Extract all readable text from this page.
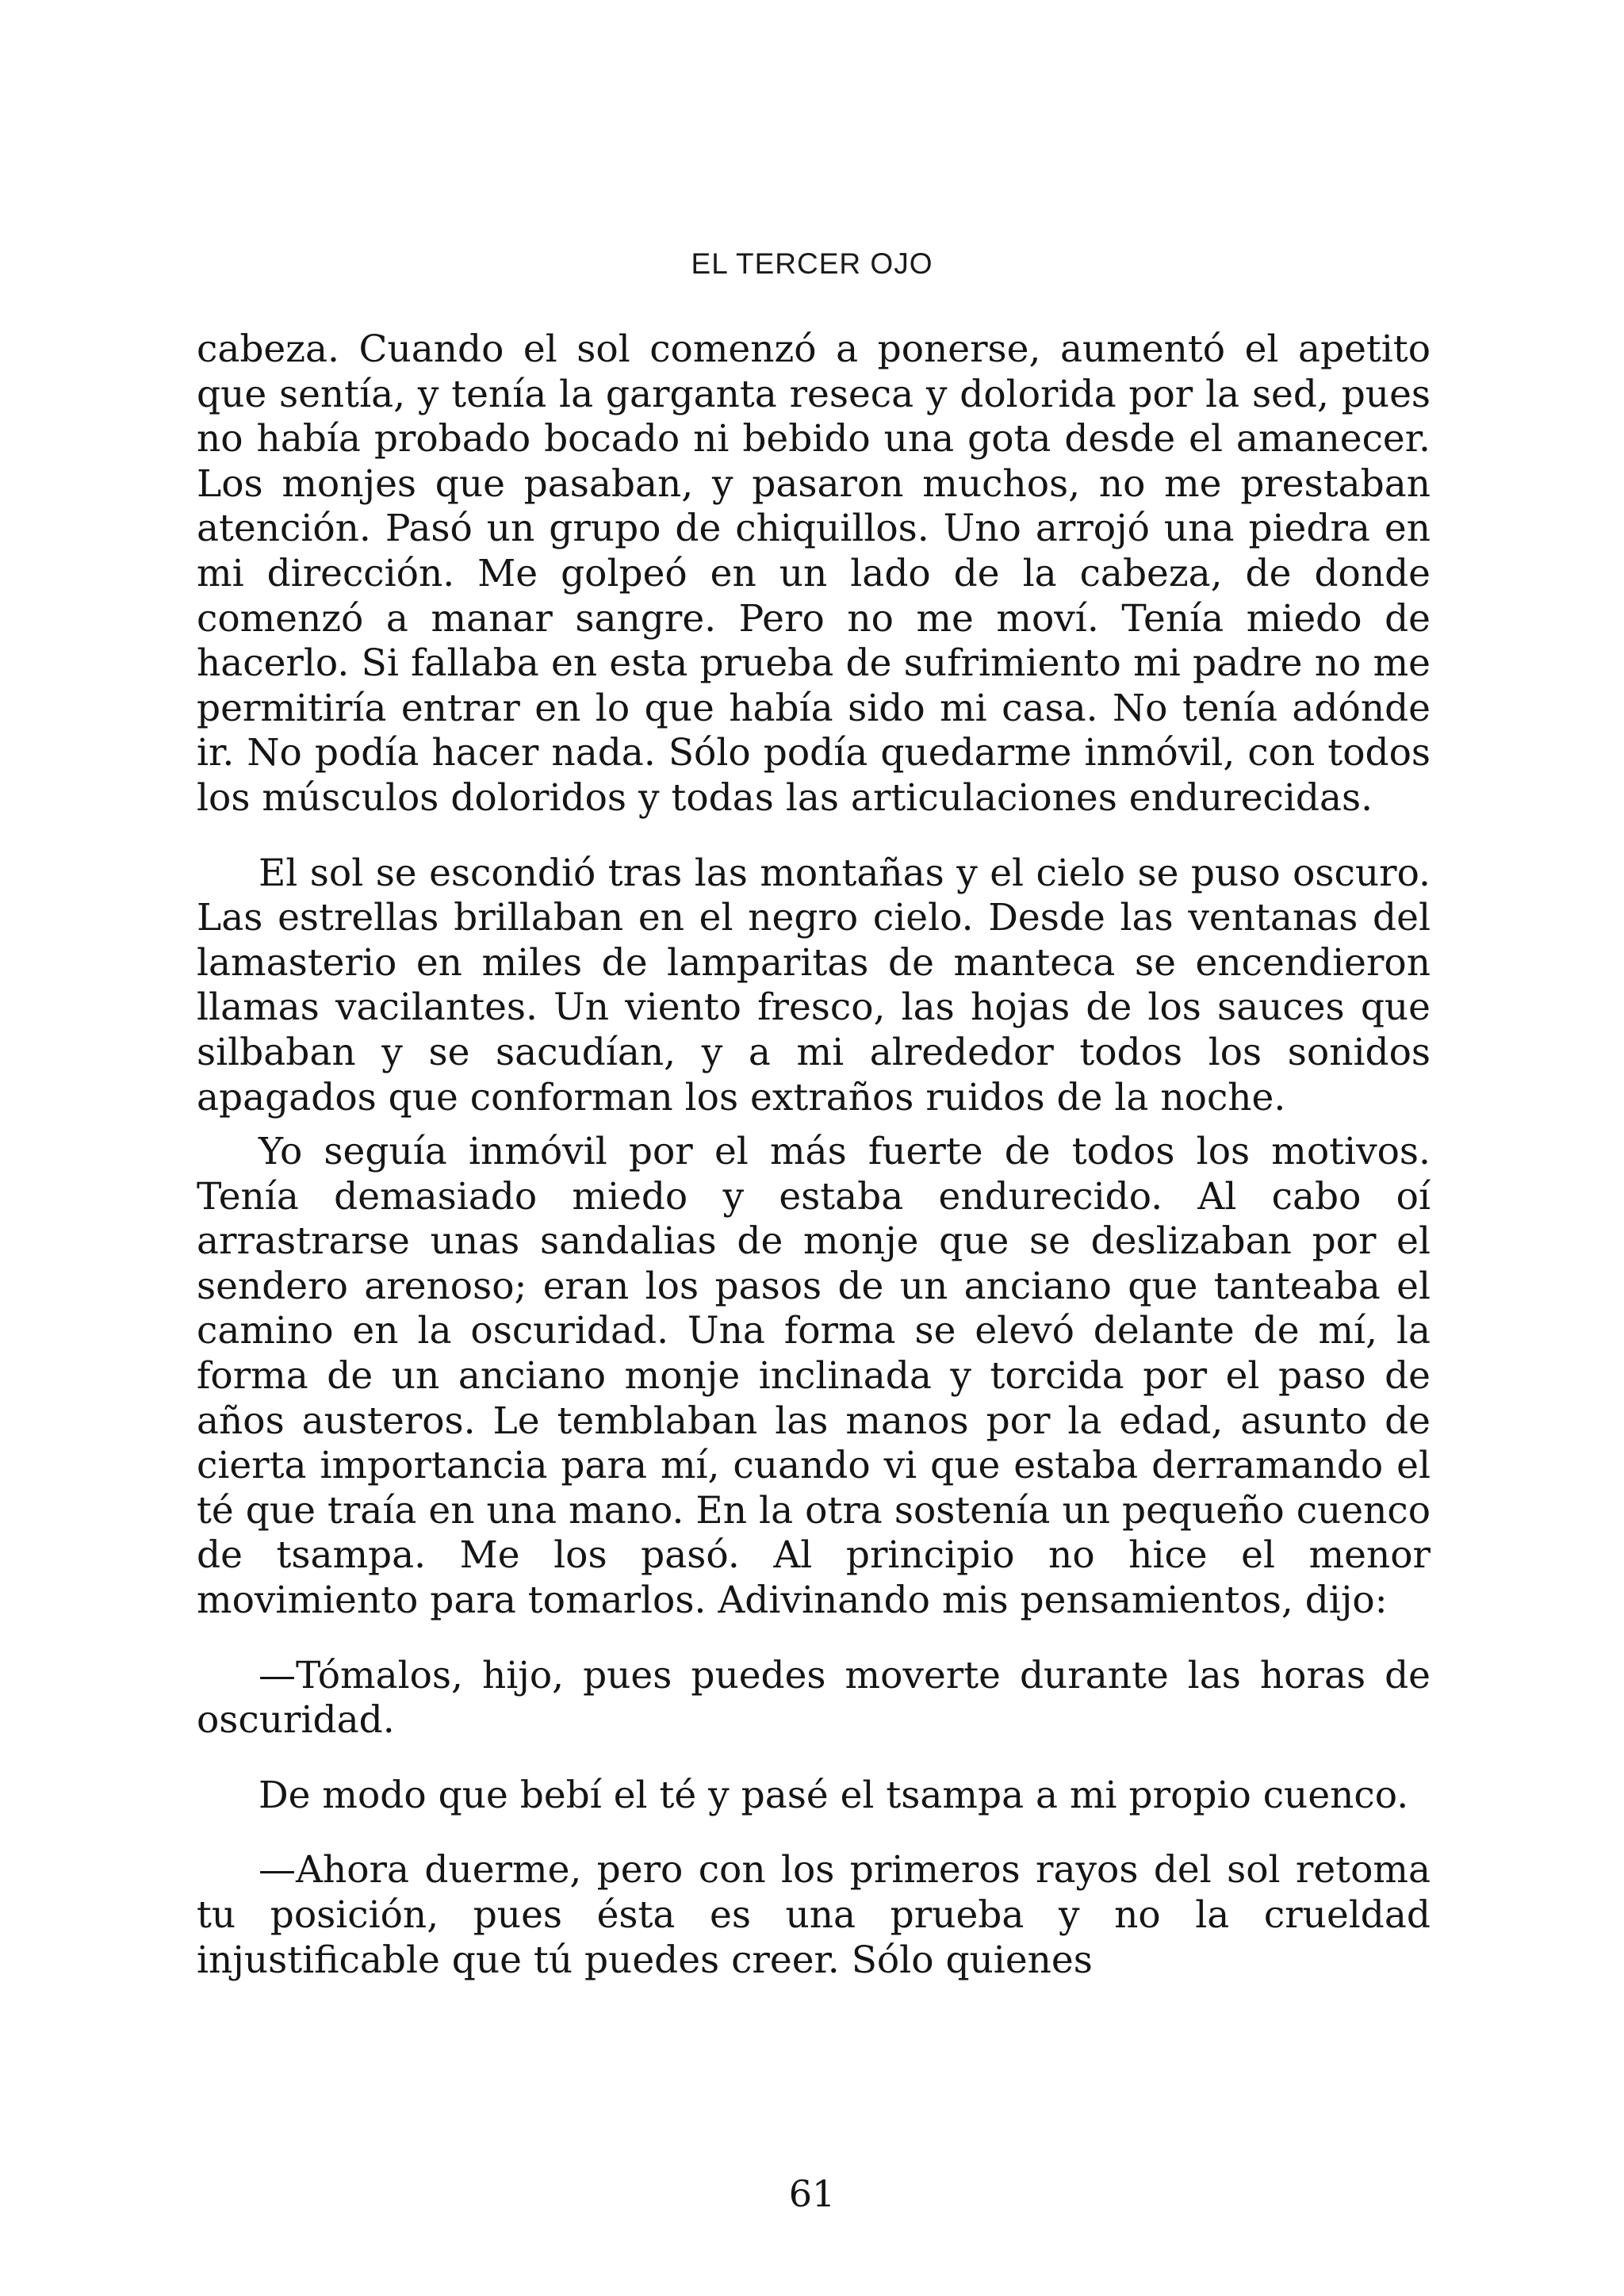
EL TERCER OJO

cabeza. Cuando el sol comenzó a ponerse, aumentó el apetito que sentía, y tenía la garganta reseca y dolorida por la sed, pues no había probado bocado ni bebido una gota desde el amanecer. Los monjes que pasaban, y pasaron muchos, no me prestaban atención. Pasó un grupo de chiquillos. Uno arrojó una piedra en mi dirección. Me golpeó en un lado de la cabeza, de donde comenzó a manar sangre. Pero no me moví. Tenía miedo de hacerlo. Si fallaba en esta prueba de sufrimiento mi padre no me permitiría entrar en lo que había sido mi casa. No tenía adónde ir. No podía hacer nada. Sólo podía quedarme inmóvil, con todos los músculos doloridos y todas las articulaciones endurecidas.

El sol se escondió tras las montañas y el cielo se puso oscuro. Las estrellas brillaban en el negro cielo. Desde las ventanas del lamasterio en miles de lamparitas de manteca se encendieron llamas vacilantes. Un viento fresco, las hojas de los sauces que silbaban y se sacudían, y a mi alrededor todos los sonidos apagados que conforman los extraños ruidos de la noche.

Yo seguía inmóvil por el más fuerte de todos los motivos. Tenía demasiado miedo y estaba endurecido. Al cabo oí arrastrarse unas sandalias de monje que se deslizaban por el sendero arenoso; eran los pasos de un anciano que tanteaba el camino en la oscuridad. Una forma se elevó delante de mí, la forma de un anciano monje inclinada y torcida por el paso de años austeros. Le temblaban las manos por la edad, asunto de cierta importancia para mí, cuando vi que estaba derramando el té que traía en una mano. En la otra sostenía un pequeño cuenco de tsampa. Me los pasó. Al principio no hice el menor movimiento para tomarlos. Adivinando mis pensamientos, dijo:

—Tómalos, hijo, pues puedes moverte durante las horas de oscuridad.

De modo que bebí el té y pasé el tsampa a mi propio cuenco.

—Ahora duerme, pero con los primeros rayos del sol retoma tu posición, pues ésta es una prueba y no la crueldad injustificable que tú puedes creer. Sólo quienes

61
